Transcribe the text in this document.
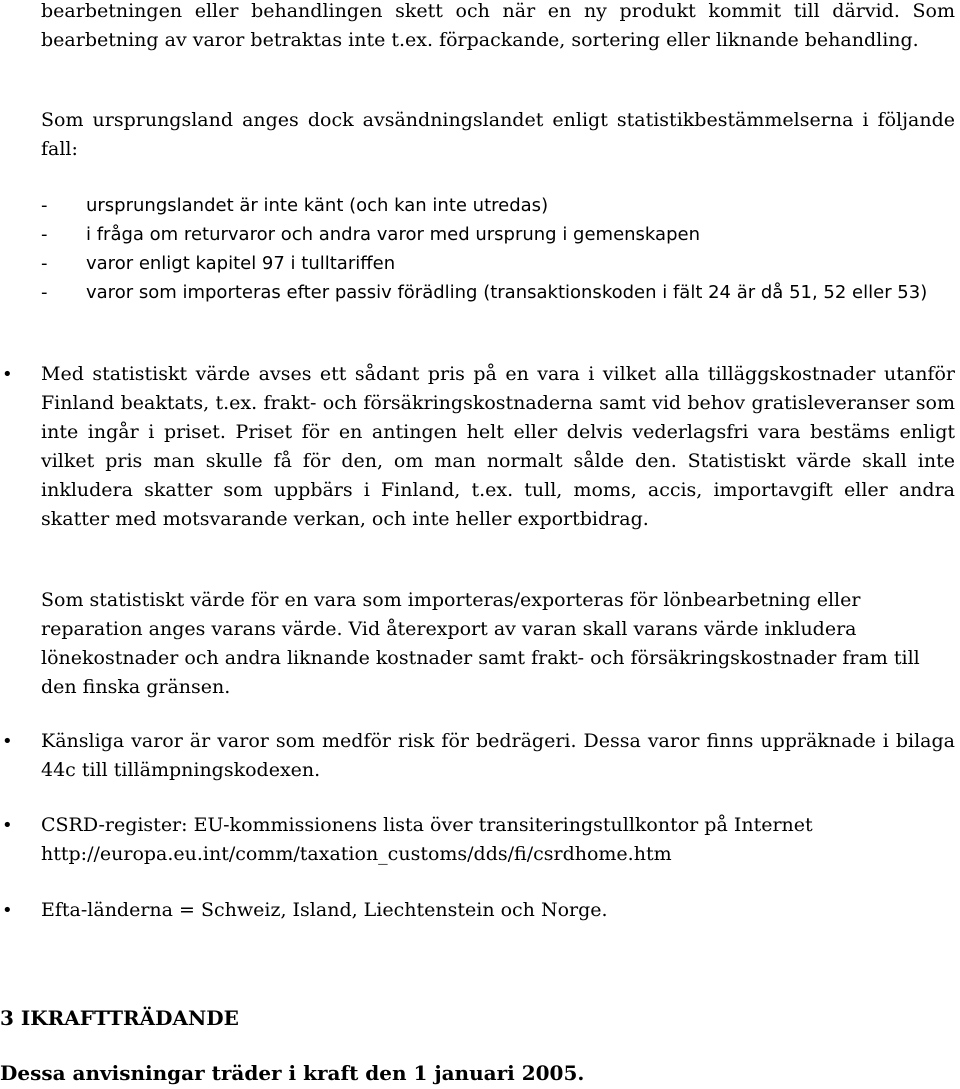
bearbetningen eller behandlingen skett och när en ny produkt kommit till därvid. Som bearbetning av varor betraktas inte t.ex. förpackande, sortering eller liknande behandling.
Som ursprungsland anges dock avsändningslandet enligt statistikbestämmelserna i följande fall:
-	ursprungslandet är inte känt (och kan inte utredas)
-	i fråga om returvaror och andra varor med ursprung i gemenskapen
-	varor enligt kapitel 97 i tulltariffen
-	varor som importeras efter passiv förädling (transaktionskoden i fält 24 är då 51, 52 eller 53)
•	Med statistiskt värde avses ett sådant pris på en vara i vilket alla tilläggskostnader utanför Finland beaktats, t.ex. frakt- och försäkringskostnaderna samt vid behov gratisleveranser som inte ingår i priset. Priset för en antingen helt eller delvis vederlagsfri vara bestäms enligt vilket pris man skulle få för den, om man normalt sålde den. Statistiskt värde skall inte inkludera skatter som uppbärs i Finland, t.ex. tull, moms, accis, importavgift eller andra skatter med motsvarande verkan, och inte heller exportbidrag.
Som statistiskt värde för en vara som importeras/exporteras för lönbearbetning eller reparation anges varans värde. Vid återexport av varan skall varans värde inkludera lönekostnader och andra liknande kostnader samt frakt- och försäkringskostnader fram till den finska gränsen.
•	Känsliga varor är varor som medför risk för bedrägeri. Dessa varor finns uppräknade i bilaga 44c till tillämpningskodexen.
•	CSRD-register: EU-kommissionens lista över transiteringstullkontor på Internet http://europa.eu.int/comm/taxation_customs/dds/fi/csrdhome.htm
•	Efta-länderna = Schweiz, Island, Liechtenstein och Norge.
3 IKRAFTTRÄDANDE
Dessa anvisningar träder i kraft den 1 januari 2005.
